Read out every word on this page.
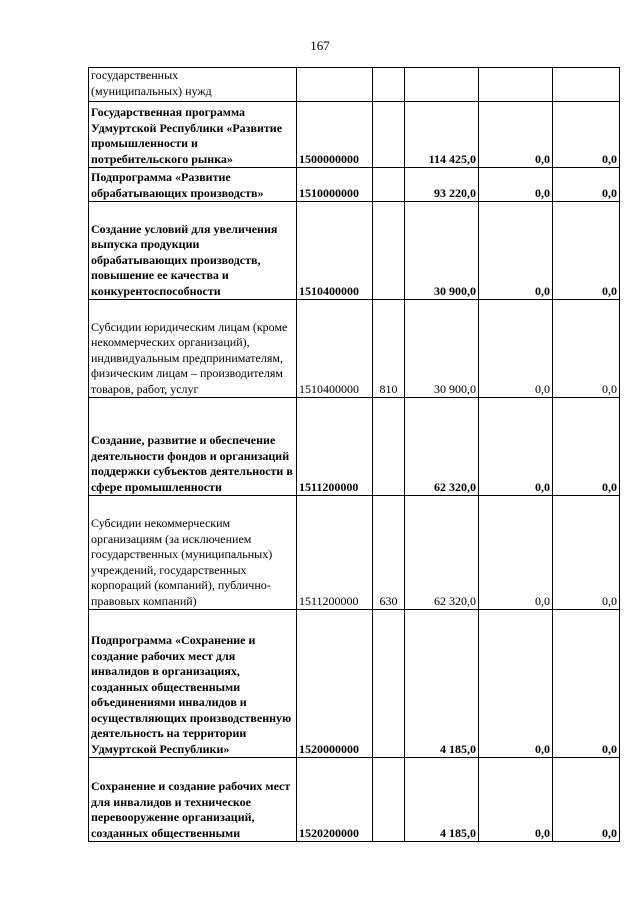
167
государственных
(муниципальных) нужд					
Государственная программа Удмуртской Республики «Развитие промышленности и потребительского рынка»	1500000000		114 425,0	0,0	0,0
Подпрограмма «Развитие обрабатывающих производств»	1510000000		93 220,0	0,0	0,0
Создание условий для увеличения выпуска продукции обрабатывающих производств, повышение ее качества и конкурентоспособности	1510400000		30 900,0	0,0	0,0
Субсидии юридическим лицам (кроме некоммерческих организаций), индивидуальным предпринимателям, физическим лицам – производителям товаров, работ, услуг	1510400000	810	30 900,0	0,0	0,0
Создание, развитие и обеспечение деятельности фондов и организаций поддержки субъектов деятельности в сфере промышленности	1511200000		62 320,0	0,0	0,0
Субсидии некоммерческим организациям (за исключением государственных (муниципальных) учреждений, государственных корпораций (компаний), публично-правовых компаний)	1511200000	630	62 320,0	0,0	0,0
Подпрограмма «Сохранение и создание рабочих мест для инвалидов в организациях, созданных общественными объединениями инвалидов и осуществляющих производственную деятельность на территории Удмуртской Республики»	1520000000		4 185,0	0,0	0,0
Сохранение и создание рабочих мест для инвалидов и техническое перевооружение организаций, созданных общественными	1520200000		4 185,0	0,0	0,0
